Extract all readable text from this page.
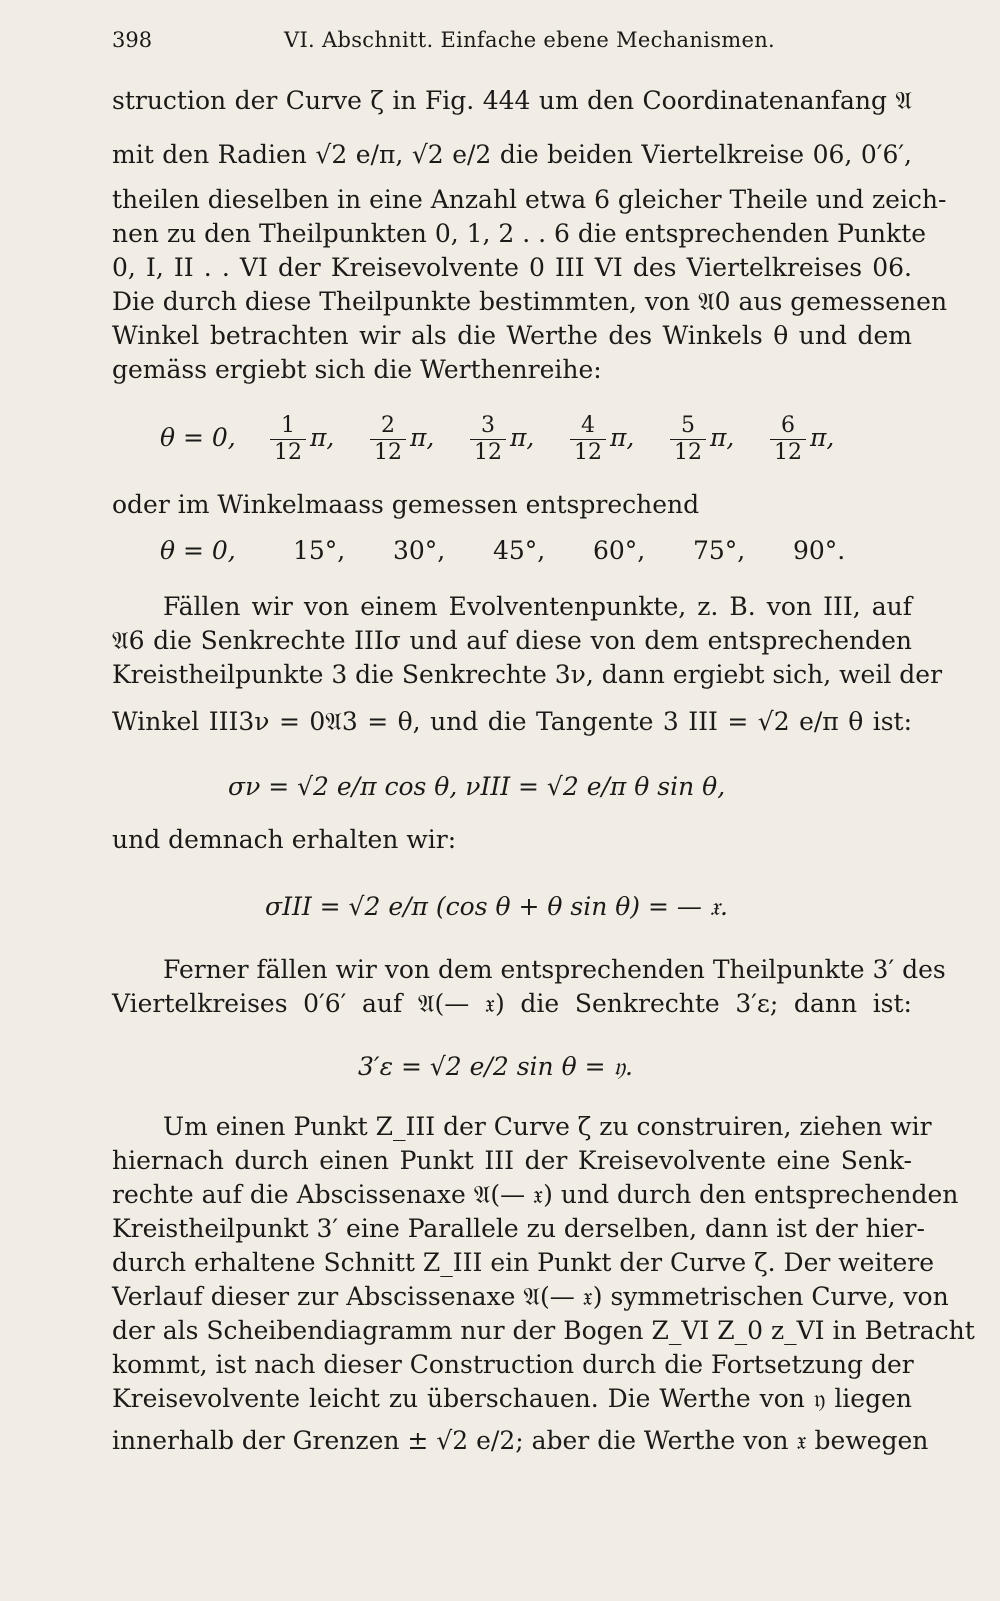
398	VI. Abschnitt. Einfache ebene Mechanismen.
struction der Curve ζ in Fig. 444 um den Coordinatenanfang 𝔄
mit den Radien √2 e/π, √2 e/2 die beiden Viertelkreise 06, 0′6′,
theilen dieselben in eine Anzahl etwa 6 gleicher Theile und zeich-
nen zu den Theilpunkten 0, 1, 2 . . 6 die entsprechenden Punkte
0, I, II . . VI der Kreisevolvente 0 III VI des Viertelkreises 06.
Die durch diese Theilpunkte bestimmten, von 𝔄0 aus gemessenen
Winkel betrachten wir als die Werthe des Winkels θ und dem
gemäss ergiebt sich die Werthenreihe:
θ = 0,	1
12
π,	2
12
π,	3
12
π,	4
12
π,	5
12
π,	6
12
π,
oder im Winkelmaass gemessen entsprechend
θ = 0, 15°, 30°, 45°, 60°, 75°, 90°.
Fällen wir von einem Evolventenpunkte, z. B. von III, auf
𝔄6 die Senkrechte IIIσ und auf diese von dem entsprechenden
Kreistheilpunkte 3 die Senkrechte 3ν, dann ergiebt sich, weil der
Winkel III3ν = 0𝔄3 = θ, und die Tangente 3 III = √2 e/π θ ist:
σν = √2 e/π cos θ, νIII = √2 e/π θ sin θ,
und demnach erhalten wir:
σIII = √2 e/π (cos θ + θ sin θ) = — 𝔵.
Ferner fällen wir von dem entsprechenden Theilpunkte 3′ des
Viertelkreises 0′6′ auf 𝔄(— 𝔵) die Senkrechte 3′ε; dann ist:
3′ε = √2 e/2 sin θ = 𝔶.
Um einen Punkt Z_III der Curve ζ zu construiren, ziehen wir
hiernach durch einen Punkt III der Kreisevolvente eine Senk-
rechte auf die Abscissenaxe 𝔄(— 𝔵) und durch den entsprechenden
Kreistheilpunkt 3′ eine Parallele zu derselben, dann ist der hier-
durch erhaltene Schnitt Z_III ein Punkt der Curve ζ. Der weitere
Verlauf dieser zur Abscissenaxe 𝔄(— 𝔵) symmetrischen Curve, von
der als Scheibendiagramm nur der Bogen Z_VI Z_0 z_VI in Betracht
kommt, ist nach dieser Construction durch die Fortsetzung der
Kreisevolvente leicht zu überschauen. Die Werthe von 𝔶 liegen
innerhalb der Grenzen ± √2 e/2; aber die Werthe von 𝔵 bewegen
